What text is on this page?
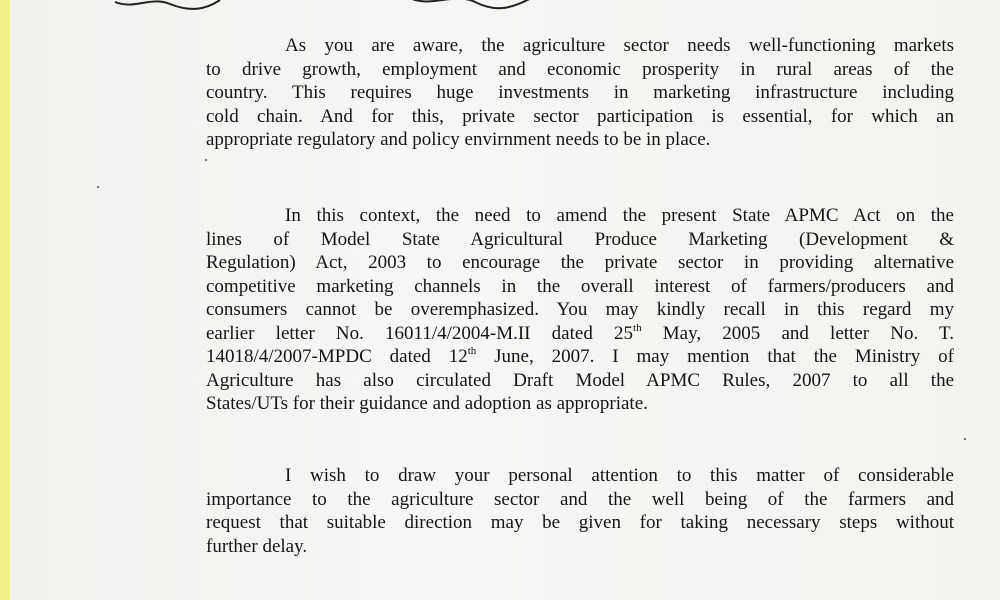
As you are aware, the agriculture sector needs well-functioning markets
to drive growth, employment and economic prosperity in rural areas of the
country. This requires huge investments in marketing infrastructure including
cold chain. And for this, private sector participation is essential, for which an
appropriate regulatory and policy envirnment needs to be in place.
In this context, the need to amend the present State APMC Act on the
lines of Model State Agricultural Produce Marketing (Development &
Regulation) Act, 2003 to encourage the private sector in providing alternative
competitive marketing channels in the overall interest of farmers/producers and
consumers cannot be overemphasized. You may kindly recall in this regard my
earlier letter No. 16011/4/2004-M.II dated 25th May, 2005 and letter No. T.
14018/4/2007-MPDC dated 12th June, 2007. I may mention that the Ministry of
Agriculture has also circulated Draft Model APMC Rules, 2007 to all the
States/UTs for their guidance and adoption as appropriate.
I wish to draw your personal attention to this matter of considerable
importance to the agriculture sector and the well being of the farmers and
request that suitable direction may be given for taking necessary steps without
further delay.
